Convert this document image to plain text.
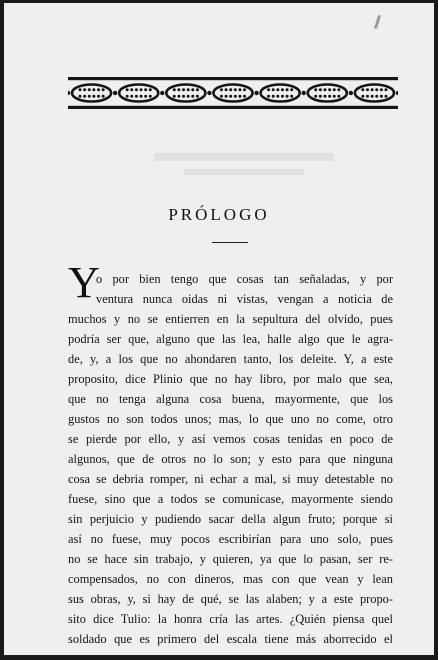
PRÓLOGO
Y
o por bien tengo que cosas tan señaladas, y por
ventura nunca oidas ni vistas, vengan a noticia de
muchos y no se entierren en la sepultura del olvido, pues
podría ser que, alguno que las lea, halle algo que le agra-
de, y, a los que no ahondaren tanto, los deleite. Y, a este
proposito, dice Plinio que no hay libro, por malo que sea,
que no tenga alguna cosa buena, mayormente, que los
gustos no son todos unos; mas, lo que uno no come, otro
se pierde por ello, y así vemos cosas tenidas en poco de
algunos, que de otros no lo son; y esto para que ninguna
cosa se debria romper, ni echar a mal, si muy detestable no
fuese, sino que a todos se comunicase, mayormente siendo
sin perjuicio y pudiendo sacar della algun fruto; porque si
así no fuese, muy pocos escribirían para uno solo, pues
no se hace sin trabajo, y quieren, ya que lo pasan, ser re-
compensados, no con dineros, mas con que vean y lean
sus obras, y, si hay de qué, se las alaben; y a este propo-
sito dice Tulio: la honra cría las artes. ¿Quién piensa quel
soldado que es primero del escala tiene más aborrecido el
